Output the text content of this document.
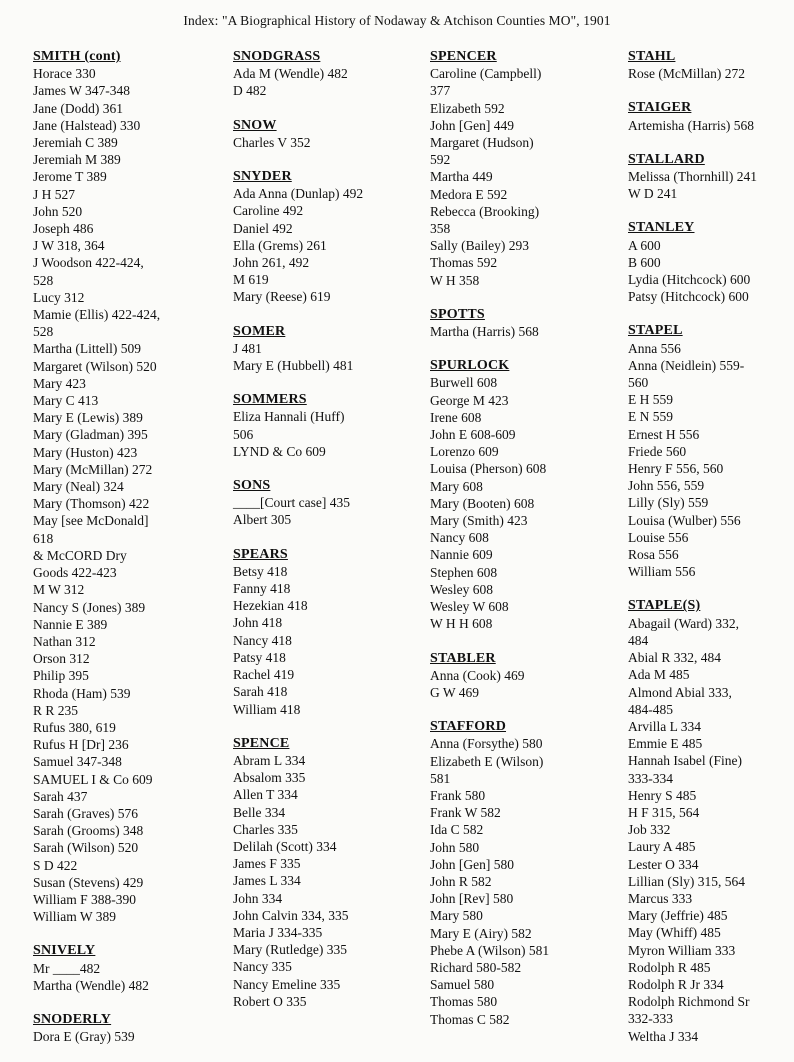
Index: "A Biographical History of Nodaway & Atchison Counties MO", 1901
SMITH (cont)
Horace 330
James W 347-348
Jane (Dodd) 361
Jane (Halstead) 330
Jeremiah C 389
Jeremiah M 389
Jerome T 389
J H 527
John 520
Joseph 486
J W 318, 364
J Woodson 422-424,
528
Lucy 312
Mamie (Ellis) 422-424,
528
Martha (Littell) 509
Margaret (Wilson) 520
Mary 423
Mary C 413
Mary E (Lewis) 389
Mary (Gladman) 395
Mary (Huston) 423
Mary (McMillan) 272
Mary (Neal) 324
Mary (Thomson) 422
May [see McDonald]
618
& McCORD Dry
Goods 422-423
M W 312
Nancy S (Jones) 389
Nannie E 389
Nathan 312
Orson 312
Philip 395
Rhoda (Ham) 539
R R 235
Rufus 380, 619
Rufus H [Dr] 236
Samuel 347-348
SAMUEL I & Co 609
Sarah 437
Sarah (Graves) 576
Sarah (Grooms) 348
Sarah (Wilson) 520
S D 422
Susan (Stevens) 429
William F 388-390
William W 389
SNIVELY
Mr ____482
Martha (Wendle) 482
SNODERLY
Dora E (Gray) 539
SNODGRASS
Ada M (Wendle) 482
D 482
SNOW
Charles V 352
SNYDER
Ada Anna (Dunlap) 492
Caroline 492
Daniel 492
Ella (Grems) 261
John 261, 492
M 619
Mary (Reese) 619
SOMER
J 481
Mary E (Hubbell) 481
SOMMERS
Eliza Hannali (Huff)
506
LYND & Co 609
SONS
____[Court case] 435
Albert 305
SPEARS
Betsy 418
Fanny 418
Hezekian 418
John 418
Nancy 418
Patsy 418
Rachel 419
Sarah 418
William 418
SPENCE
Abram L 334
Absalom 335
Allen T 334
Belle 334
Charles 335
Delilah (Scott) 334
James F 335
James L 334
John 334
John Calvin 334, 335
Maria J 334-335
Mary (Rutledge) 335
Nancy 335
Nancy Emeline 335
Robert O 335
SPENCER
Caroline (Campbell)
377
Elizabeth 592
John [Gen] 449
Margaret (Hudson)
592
Martha 449
Medora E 592
Rebecca (Brooking)
358
Sally (Bailey) 293
Thomas 592
W H 358
SPOTTS
Martha (Harris) 568
SPURLOCK
Burwell 608
George M 423
Irene 608
John E 608-609
Lorenzo 609
Louisa (Pherson) 608
Mary 608
Mary (Booten) 608
Mary (Smith) 423
Nancy 608
Nannie 609
Stephen 608
Wesley 608
Wesley W 608
W H H 608
STABLER
Anna (Cook) 469
G W 469
STAFFORD
Anna (Forsythe) 580
Elizabeth E (Wilson)
581
Frank 580
Frank W 582
Ida C 582
John 580
John [Gen] 580
John R 582
John [Rev] 580
Mary 580
Mary E (Airy) 582
Phebe A (Wilson) 581
Richard 580-582
Samuel 580
Thomas 580
Thomas C 582
STAHL
Rose (McMillan) 272
STAIGER
Artemisha (Harris) 568
STALLARD
Melissa (Thornhill) 241
W D 241
STANLEY
A 600
B 600
Lydia (Hitchcock) 600
Patsy (Hitchcock) 600
STAPEL
Anna 556
Anna (Neidlein) 559-
560
E H 559
E N 559
Ernest H 556
Friede 560
Henry F 556, 560
John 556, 559
Lilly (Sly) 559
Louisa (Wulber) 556
Louise 556
Rosa 556
William 556
STAPLE(S)
Abagail (Ward) 332,
484
Abial R 332, 484
Ada M 485
Almond Abial 333,
484-485
Arvilla L 334
Emmie E 485
Hannah Isabel (Fine)
333-334
Henry S 485
H F 315, 564
Job 332
Laury A 485
Lester O 334
Lillian (Sly) 315, 564
Marcus 333
Mary (Jeffrie) 485
May (Whiff) 485
Myron William 333
Rodolph R 485
Rodolph R Jr 334
Rodolph Richmond Sr
332-333
Weltha J 334
